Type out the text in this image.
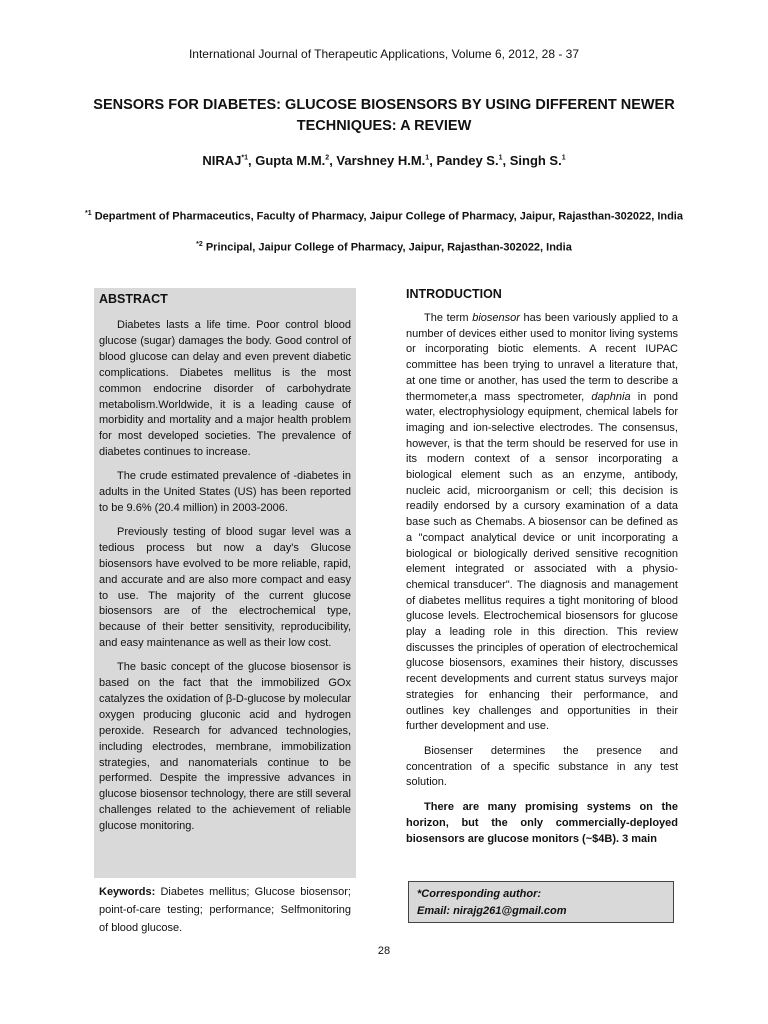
International Journal of Therapeutic Applications, Volume 6, 2012, 28 - 37
SENSORS FOR DIABETES: GLUCOSE BIOSENSORS BY USING DIFFERENT NEWER TECHNIQUES: A REVIEW
NIRAJ$^{*1}$, Gupta M.M.$^2$, Varshney H.M.$^1$, Pandey S.$^1$, Singh S.$^1$
$^{*1}$ Department of Pharmaceutics, Faculty of Pharmacy, Jaipur College of Pharmacy, Jaipur, Rajasthan-302022, India
$^{*2}$ Principal, Jaipur College of Pharmacy, Jaipur, Rajasthan-302022, India
ABSTRACT

Diabetes lasts a life time. Poor control blood glucose (sugar) damages the body. Good control of blood glucose can delay and even prevent diabetic complications. Diabetes mellitus is the most common endocrine disorder of carbohydrate metabolism.Worldwide, it is a leading cause of morbidity and mortality and a major health problem for most developed societies. The prevalence of diabetes continues to increase.

The crude estimated prevalence of -diabetes in adults in the United States (US) has been reported to be 9.6% (20.4 million) in 2003-2006.

Previously testing of blood sugar level was a tedious process but now a day's Glucose biosensors have evolved to be more reliable, rapid, and accurate and are also more compact and easy to use. The majority of the current glucose biosensors are of the electrochemical type, because of their better sensitivity, reproducibility, and easy maintenance as well as their low cost.

The basic concept of the glucose biosensor is based on the fact that the immobilized GOx catalyzes the oxidation of β-D-glucose by molecular oxygen producing gluconic acid and hydrogen peroxide. Research for advanced technologies, including electrodes, membrane, immobilization strategies, and nanomaterials continue to be performed. Despite the impressive advances in glucose biosensor technology, there are still several challenges related to the achievement of reliable glucose monitoring.

Keywords: Diabetes mellitus; Glucose biosensor; point-of-care testing; performance; Selfmonitoring of blood glucose.
INTRODUCTION

The term biosensor has been variously applied to a number of devices either used to monitor living systems or incorporating biotic elements. A recent IUPAC committee has been trying to unravel a literature that, at one time or another, has used the term to describe a thermometer,a mass spectrometer, daphnia in pond water, electrophysiology equipment, chemical labels for imaging and ion-selective electrodes. The consensus, however, is that the term should be reserved for use in its modern context of a sensor incorporating a biological element such as an enzyme, antibody, nucleic acid, microorganism or cell; this decision is readily endorsed by a cursory examination of a data base such as Chemabs. A biosensor can be defined as a "compact analytical device or unit incorporating a biological or biologically derived sensitive recognition element integrated or associated with a physio-chemical transducer". The diagnosis and management of diabetes mellitus requires a tight monitoring of blood glucose levels. Electrochemical biosensors for glucose play a leading role in this direction. This review discusses the principles of operation of electrochemical glucose biosensors, examines their history, discusses recent developments and current status surveys major strategies for enhancing their performance, and outlines key challenges and opportunities in their further development and use.

Biosenser determines the presence and concentration of a specific substance in any test solution.

There are many promising systems on the horizon, but the only commercially-deployed biosensors are glucose monitors (~$4B). 3 main

*Corresponding author:
Email: nirajg261@gmail.com
28
